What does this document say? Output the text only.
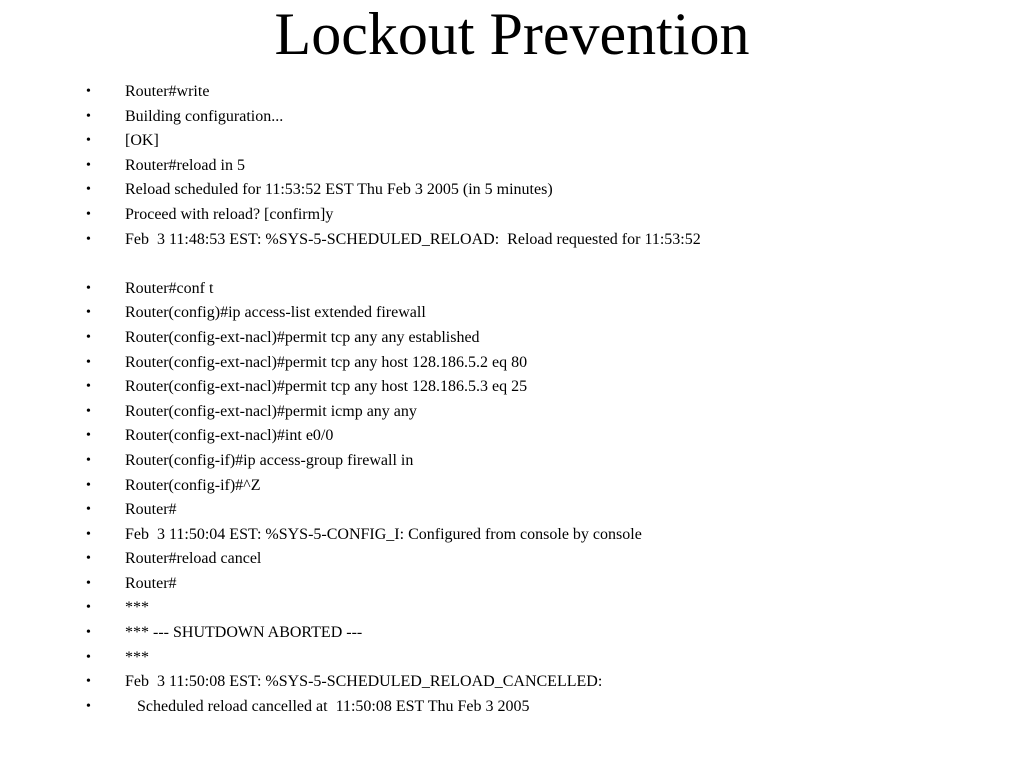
Lockout Prevention
• Router#write
• Building configuration...
• [OK]
• Router#reload in 5
• Reload scheduled for 11:53:52 EST Thu Feb 3 2005 (in 5 minutes)
• Proceed with reload? [confirm]y
• Feb  3 11:48:53 EST: %SYS-5-SCHEDULED_RELOAD:  Reload requested for 11:53:52
• Router#conf t
• Router(config)#ip access-list extended firewall
• Router(config-ext-nacl)#permit tcp any any established
• Router(config-ext-nacl)#permit tcp any host 128.186.5.2 eq 80
• Router(config-ext-nacl)#permit tcp any host 128.186.5.3 eq 25
• Router(config-ext-nacl)#permit icmp any any
• Router(config-ext-nacl)#int e0/0
• Router(config-if)#ip access-group firewall in
• Router(config-if)#^Z
• Router#
• Feb  3 11:50:04 EST: %SYS-5-CONFIG_I: Configured from console by console
• Router#reload cancel
• Router#
• ***
• *** --- SHUTDOWN ABORTED ---
• ***
• Feb  3 11:50:08 EST: %SYS-5-SCHEDULED_RELOAD_CANCELLED:
• Scheduled reload cancelled at  11:50:08 EST Thu Feb 3 2005
